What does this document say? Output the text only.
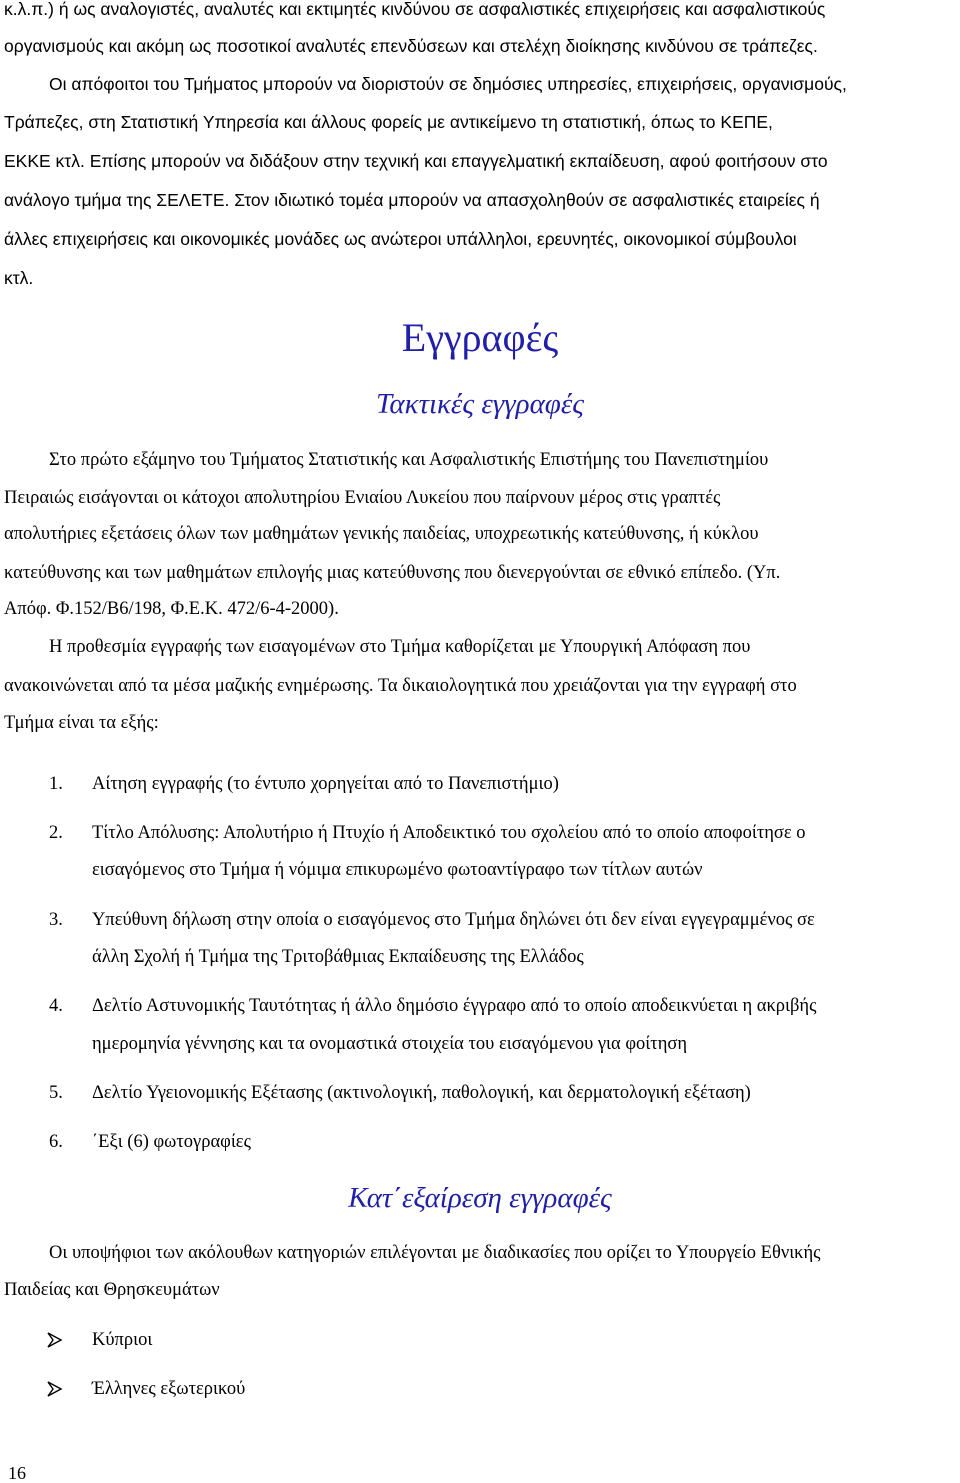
κ.λ.π.) ή ως αναλογιστές, αναλυτές και εκτιμητές κινδύνου σε ασφαλιστικές επιχειρήσεις και ασφαλιστικούς
οργανισμούς και ακόμη ως ποσοτικοί αναλυτές επενδύσεων και στελέχη διοίκησης κινδύνου σε τράπεζες.
Οι απόφοιτοι του Τμήματος μπορούν να διοριστούν σε δημόσιες υπηρεσίες, επιχειρήσεις, οργανισμούς,
Τράπεζες, στη Στατιστική Υπηρεσία και άλλους φορείς με αντικείμενο τη στατιστική, όπως το ΚΕΠΕ,
ΕΚΚΕ κτλ. Επίσης μπορούν να διδάξουν στην τεχνική και επαγγελματική εκπαίδευση, αφού φοιτήσουν στο
ανάλογο τμήμα της ΣΕΛΕΤΕ. Στον ιδιωτικό τομέα μπορούν να απασχοληθούν σε ασφαλιστικές εταιρείες ή
άλλες επιχειρήσεις και οικονομικές μονάδες ως ανώτεροι υπάλληλοι, ερευνητές, οικονομικοί σύμβουλοι
κτλ.
Εγγραφές
Τακτικές εγγραφές
Στο πρώτο εξάμηνο του Τμήματος Στατιστικής και Ασφαλιστικής Επιστήμης του Πανεπιστημίου
Πειραιώς εισάγονται οι κάτοχοι απολυτηρίου Ενιαίου Λυκείου που παίρνουν μέρος στις γραπτές
απολυτήριες εξετάσεις όλων των μαθημάτων γενικής παιδείας, υποχρεωτικής κατεύθυνσης, ή κύκλου
κατεύθυνσης και των μαθημάτων επιλογής μιας κατεύθυνσης που διενεργούνται σε εθνικό επίπεδο. (Υπ.
Απόφ. Φ.152/Β6/198, Φ.Ε.Κ. 472/6-4-2000).
Η προθεσμία εγγραφής των εισαγομένων στο Τμήμα καθορίζεται με Υπουργική Απόφαση που
ανακοινώνεται από τα μέσα μαζικής ενημέρωσης. Τα δικαιολογητικά που χρειάζονται για την εγγραφή στο
Τμήμα είναι τα εξής:
1. Αίτηση εγγραφής (το έντυπο χορηγείται από το Πανεπιστήμιο)
2. Τίτλο Απόλυσης: Απολυτήριο ή Πτυχίο ή Αποδεικτικό του σχολείου από το οποίο αποφοίτησε ο
εισαγόμενος στο Τμήμα ή νόμιμα επικυρωμένο φωτοαντίγραφο των τίτλων αυτών
3. Υπεύθυνη δήλωση στην οποία ο εισαγόμενος στο Τμήμα δηλώνει ότι δεν είναι εγγεγραμμένος σε
άλλη Σχολή ή Τμήμα της Τριτοβάθμιας Εκπαίδευσης της Ελλάδος
4. Δελτίο Αστυνομικής Ταυτότητας ή άλλο δημόσιο έγγραφο από το οποίο αποδεικνύεται η ακριβής
ημερομηνία γέννησης και τα ονομαστικά στοιχεία του εισαγόμενου για φοίτηση
5. Δελτίο Υγειονομικής Εξέτασης (ακτινολογική, παθολογική, και δερματολογική εξέταση)
6. ΄Εξι (6) φωτογραφίες
Κατ΄εξαίρεση εγγραφές
Οι υποψήφιοι των ακόλουθων κατηγοριών επιλέγονται με διαδικασίες που ορίζει το Υπουργείο Εθνικής
Παιδείας και Θρησκευμάτων
Κύπριοι
Έλληνες εξωτερικού
16
